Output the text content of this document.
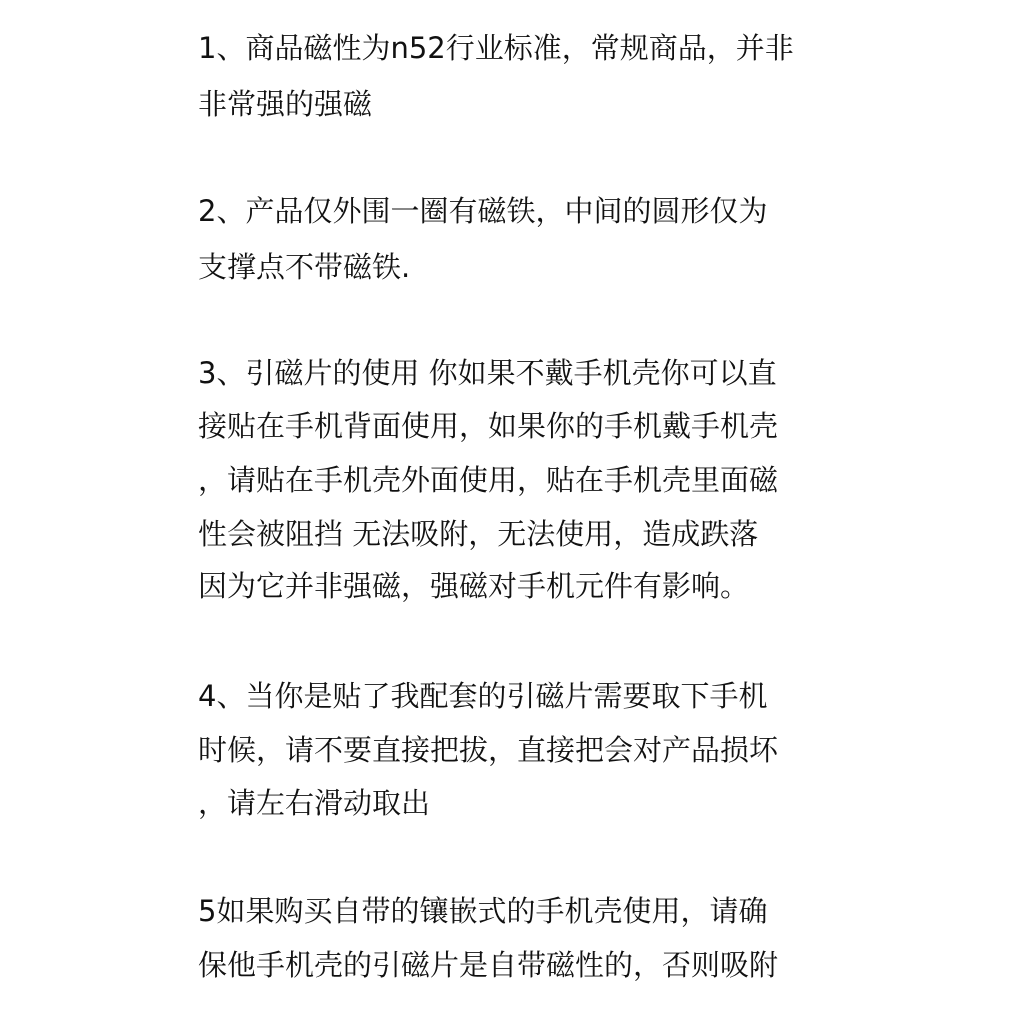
1、商品磁性为n52行业标准，常规商品，并非
非常强的强磁
2、产品仅外围一圈有磁铁，中间的圆形仅为
支撑点不带磁铁.
3、引磁片的使用 你如果不戴手机壳你可以直
接贴在手机背面使用，如果你的手机戴手机壳
，请贴在手机壳外面使用，贴在手机壳里面磁
性会被阻挡 无法吸附，无法使用，造成跌落
因为它并非强磁，强磁对手机元件有影响。
4、当你是贴了我配套的引磁片需要取下手机
时候，请不要直接把拔，直接把会对产品损坏
，请左右滑动取出
5如果购买自带的镶嵌式的手机壳使用，请确
保他手机壳的引磁片是自带磁性的，否则吸附
